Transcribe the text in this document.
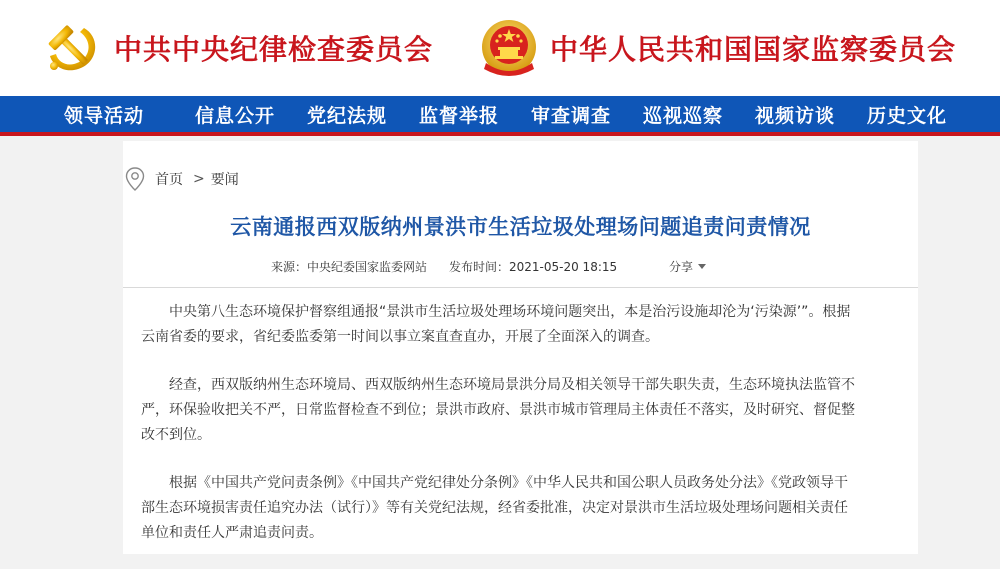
中共中央纪律检查委员会	中华人民共和国国家监察委员会
领导活动	信息公开	党纪法规	监督举报	审查调查	巡视巡察	视频访谈	历史文化
首页 > 要闻
云南通报西双版纳州景洪市生活垃圾处理场问题追责问责情况
来源：中央纪委国家监委网站 发布时间：2021-05-20 18:15	分享

中央第八生态环境保护督察组通报“景洪市生活垃圾处理场环境问题突出，本是治污设施却沦为‘污染源’”。根据云南省委的要求，省纪委监委第一时间以事立案直查直办，开展了全面深入的调查。

经查，西双版纳州生态环境局、西双版纳州生态环境局景洪分局及相关领导干部失职失责，生态环境执法监管不严，环保验收把关不严，日常监督检查不到位；景洪市政府、景洪市城市管理局主体责任不落实，及时研究、督促整改不到位。

根据《中国共产党问责条例》《中国共产党纪律处分条例》《中华人民共和国公职人员政务处分法》《党政领导干部生态环境损害责任追究办法（试行）》等有关党纪法规，经省委批准，决定对景洪市生活垃圾处理场问题相关责任单位和责任人严肃追责问责。
